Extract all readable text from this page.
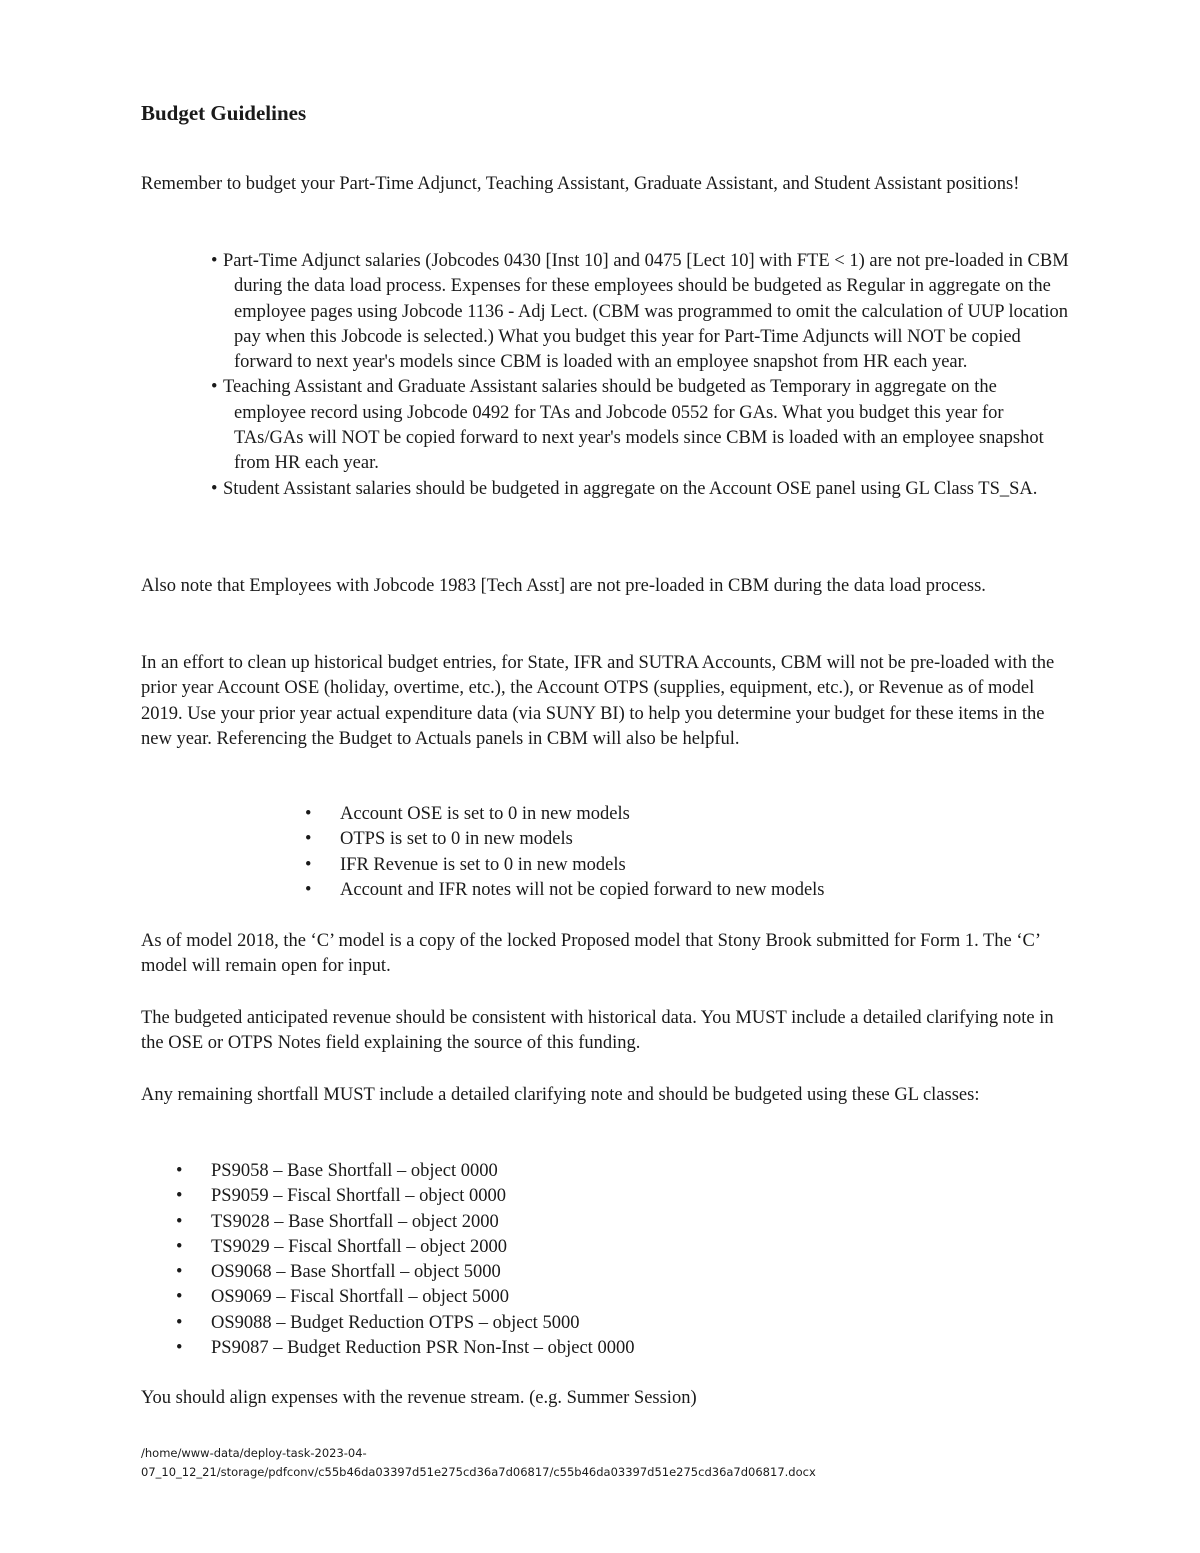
Budget Guidelines

Remember to budget your Part-Time Adjunct, Teaching Assistant, Graduate Assistant, and Student Assistant positions!

• Part-Time Adjunct salaries (Jobcodes 0430 [Inst 10] and 0475 [Lect 10] with FTE < 1) are not pre-loaded in CBM during the data load process. Expenses for these employees should be budgeted as Regular in aggregate on the employee pages using Jobcode 1136 - Adj Lect. (CBM was programmed to omit the calculation of UUP location pay when this Jobcode is selected.) What you budget this year for Part-Time Adjuncts will NOT be copied forward to next year's models since CBM is loaded with an employee snapshot from HR each year.
• Teaching Assistant and Graduate Assistant salaries should be budgeted as Temporary in aggregate on the employee record using Jobcode 0492 for TAs and Jobcode 0552 for GAs. What you budget this year for TAs/GAs will NOT be copied forward to next year's models since CBM is loaded with an employee snapshot from HR each year.
• Student Assistant salaries should be budgeted in aggregate on the Account OSE panel using GL Class TS_SA.

Also note that Employees with Jobcode 1983 [Tech Asst] are not pre-loaded in CBM during the data load process.

In an effort to clean up historical budget entries, for State, IFR and SUTRA Accounts, CBM will not be pre-loaded with the prior year Account OSE (holiday, overtime, etc.), the Account OTPS (supplies, equipment, etc.), or Revenue as of model 2019. Use your prior year actual expenditure data (via SUNY BI) to help you determine your budget for these items in the new year. Referencing the Budget to Actuals panels in CBM will also be helpful.

• Account OSE is set to 0 in new models
• OTPS is set to 0 in new models
• IFR Revenue is set to 0 in new models
• Account and IFR notes will not be copied forward to new models

As of model 2018, the ‘C’ model is a copy of the locked Proposed model that Stony Brook submitted for Form 1. The ‘C’ model will remain open for input.

The budgeted anticipated revenue should be consistent with historical data. You MUST include a detailed clarifying note in the OSE or OTPS Notes field explaining the source of this funding.

Any remaining shortfall MUST include a detailed clarifying note and should be budgeted using these GL classes:

• PS9058 – Base Shortfall – object 0000
• PS9059 – Fiscal Shortfall – object 0000
• TS9028 – Base Shortfall – object 2000
• TS9029 – Fiscal Shortfall – object 2000
• OS9068 – Base Shortfall – object 5000
• OS9069 – Fiscal Shortfall – object 5000
• OS9088 – Budget Reduction OTPS – object 5000
• PS9087 – Budget Reduction PSR Non-Inst – object 0000

You should align expenses with the revenue stream. (e.g. Summer Session)

/home/www-data/deploy-task-2023-04-
07_10_12_21/storage/pdfconv/c55b46da03397d51e275cd36a7d06817/c55b46da03397d51e275cd36a7d06817.docx
